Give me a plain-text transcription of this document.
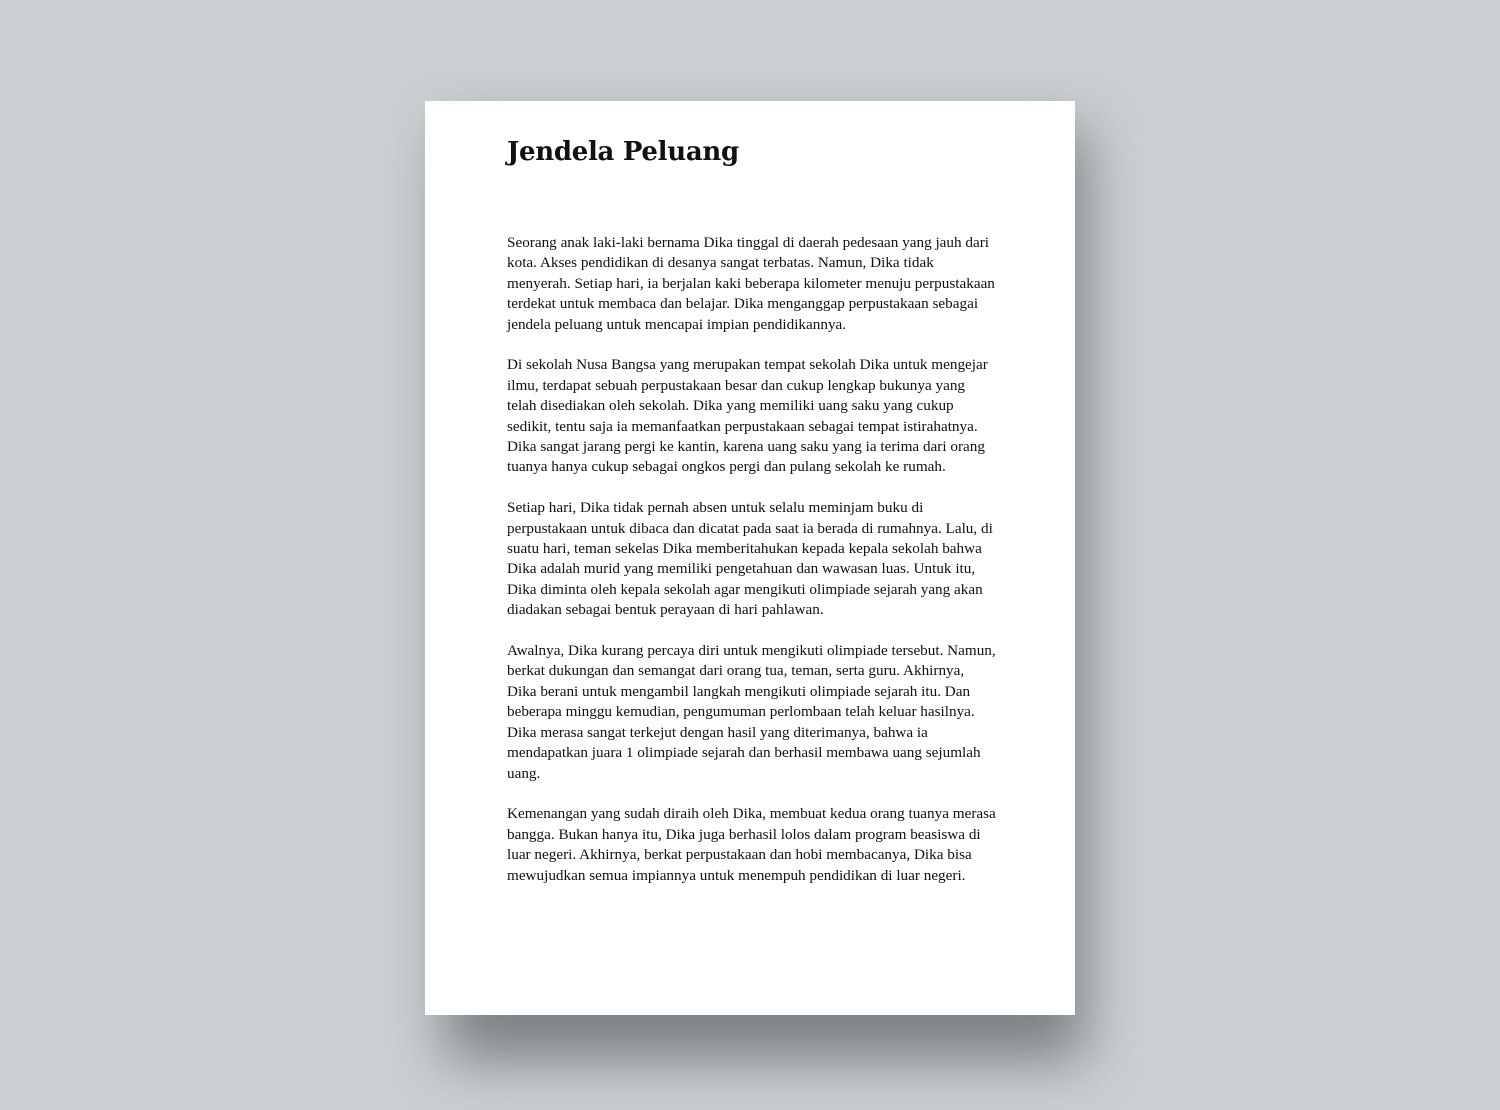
Jendela Peluang

Seorang anak laki-laki bernama Dika tinggal di daerah pedesaan yang jauh dari kota. Akses pendidikan di desanya sangat terbatas. Namun, Dika tidak menyerah. Setiap hari, ia berjalan kaki beberapa kilometer menuju perpustakaan terdekat untuk membaca dan belajar. Dika menganggap perpustakaan sebagai jendela peluang untuk mencapai impian pendidikannya.

Di sekolah Nusa Bangsa yang merupakan tempat sekolah Dika untuk mengejar ilmu, terdapat sebuah perpustakaan besar dan cukup lengkap bukunya yang telah disediakan oleh sekolah. Dika yang memiliki uang saku yang cukup sedikit, tentu saja ia memanfaatkan perpustakaan sebagai tempat istirahatnya. Dika sangat jarang pergi ke kantin, karena uang saku yang ia terima dari orang tuanya hanya cukup sebagai ongkos pergi dan pulang sekolah ke rumah.

Setiap hari, Dika tidak pernah absen untuk selalu meminjam buku di perpustakaan untuk dibaca dan dicatat pada saat ia berada di rumahnya. Lalu, di suatu hari, teman sekelas Dika memberitahukan kepada kepala sekolah bahwa Dika adalah murid yang memiliki pengetahuan dan wawasan luas. Untuk itu, Dika diminta oleh kepala sekolah agar mengikuti olimpiade sejarah yang akan diadakan sebagai bentuk perayaan di hari pahlawan.

Awalnya, Dika kurang percaya diri untuk mengikuti olimpiade tersebut. Namun, berkat dukungan dan semangat dari orang tua, teman, serta guru. Akhirnya, Dika berani untuk mengambil langkah mengikuti olimpiade sejarah itu. Dan beberapa minggu kemudian, pengumuman perlombaan telah keluar hasilnya. Dika merasa sangat terkejut dengan hasil yang diterimanya, bahwa ia mendapatkan juara 1 olimpiade sejarah dan berhasil membawa uang sejumlah uang.

Kemenangan yang sudah diraih oleh Dika, membuat kedua orang tuanya merasa bangga. Bukan hanya itu, Dika juga berhasil lolos dalam program beasiswa di luar negeri. Akhirnya, berkat perpustakaan dan hobi membacanya, Dika bisa mewujudkan semua impiannya untuk menempuh pendidikan di luar negeri.
